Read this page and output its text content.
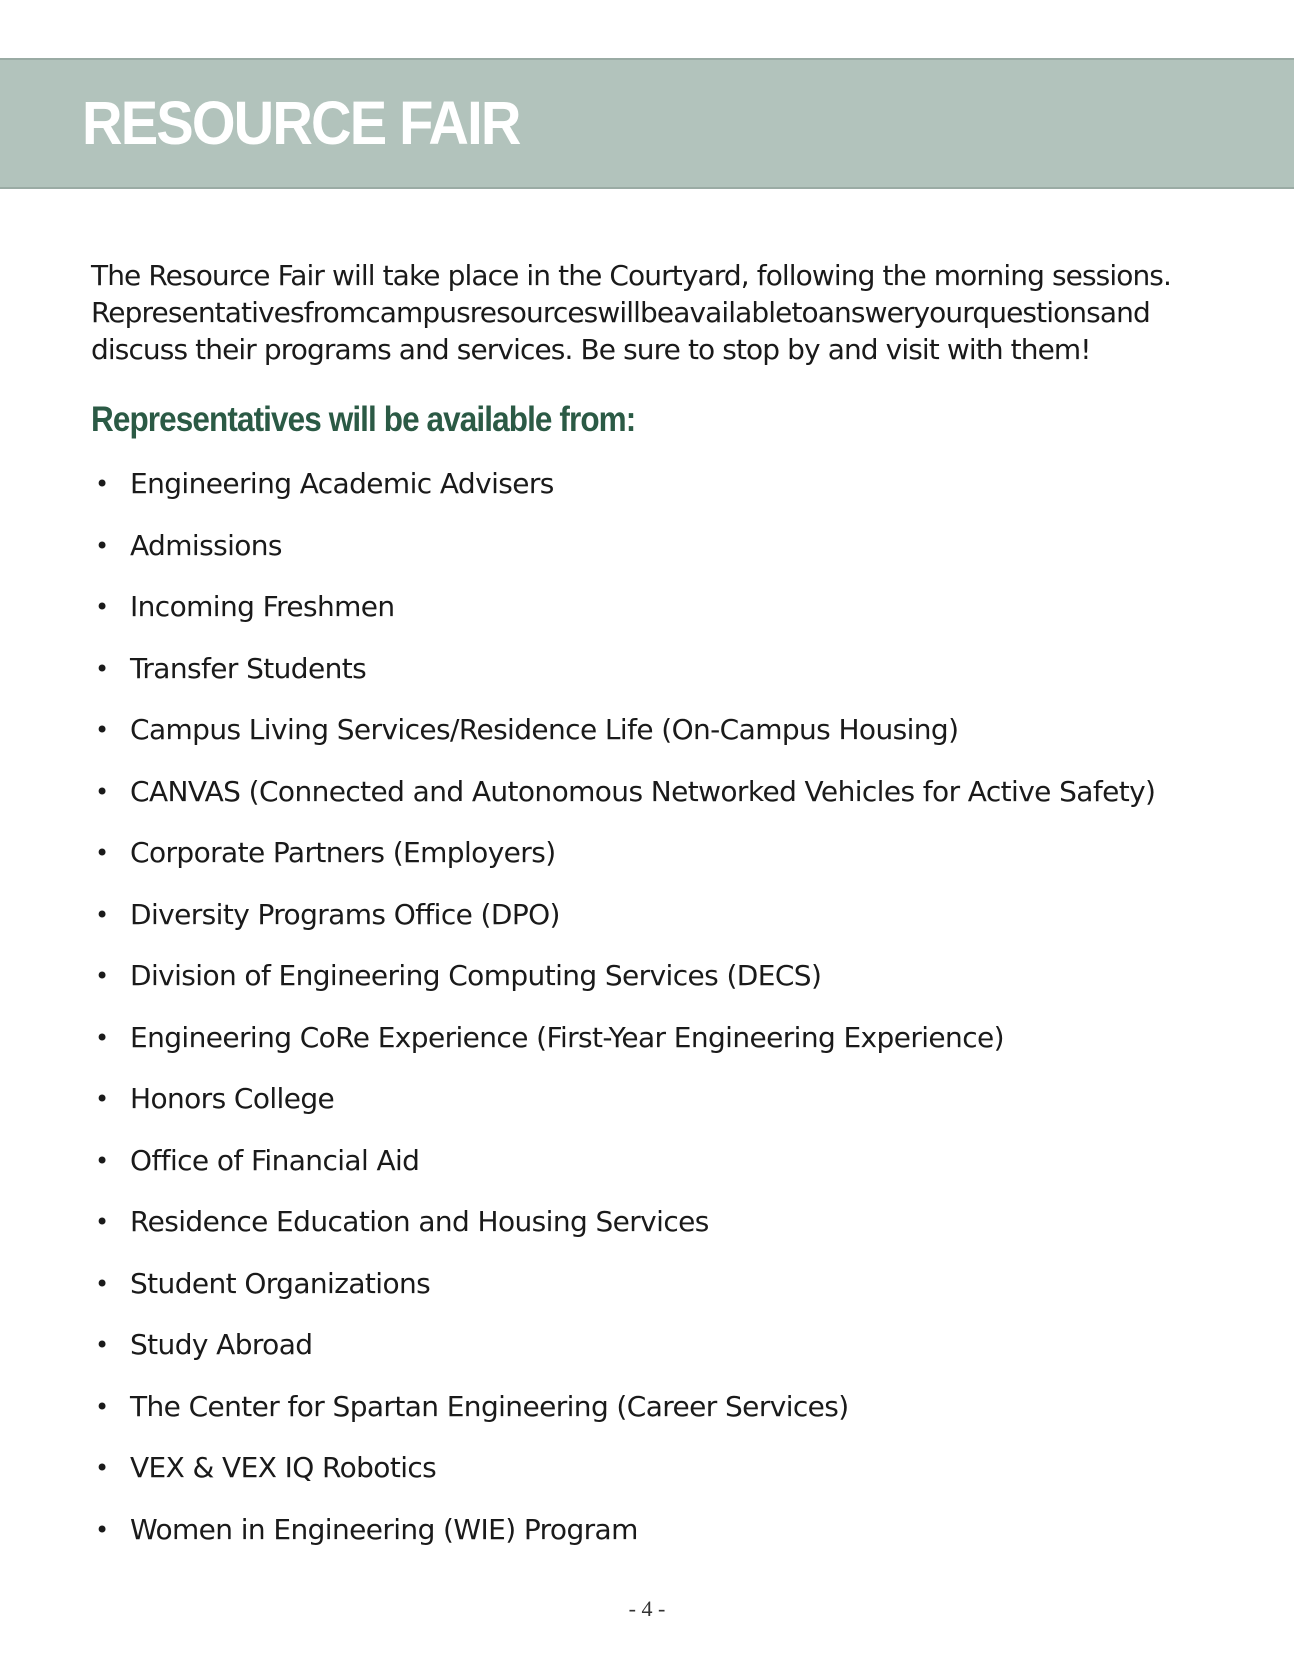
RESOURCE FAIR

The Resource Fair will take place in the Courtyard, following the morning sessions.
Representativesfromcampusresourceswillbeavailabletoansweryourquestionsand
discuss their programs and services. Be sure to stop by and visit with them!

Representatives will be available from:
• Engineering Academic Advisers
• Admissions
• Incoming Freshmen
• Transfer Students
• Campus Living Services/Residence Life (On-Campus Housing)
• CANVAS (Connected and Autonomous Networked Vehicles for Active Safety)
• Corporate Partners (Employers)
• Diversity Programs Office (DPO)
• Division of Engineering Computing Services (DECS)
• Engineering CoRe Experience (First-Year Engineering Experience)
• Honors College
• Office of Financial Aid
• Residence Education and Housing Services
• Student Organizations
• Study Abroad
• The Center for Spartan Engineering (Career Services)
• VEX & VEX IQ Robotics
• Women in Engineering (WIE) Program
- 4 -
